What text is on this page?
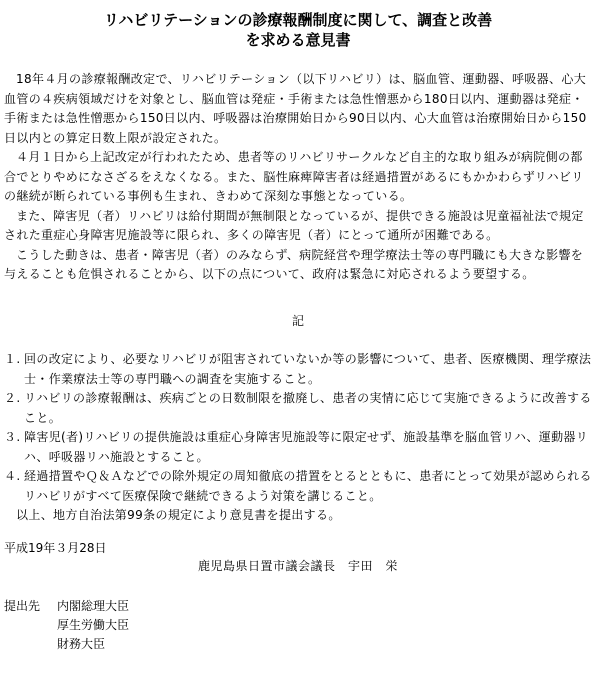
リハビリテーションの診療報酬制度に関して、調査と改善
を求める意見書

18年４月の診療報酬改定で、リハビリテーション（以下リハビリ）は、脳血管、運動器、呼吸器、心大血管の４疾病領域だけを対象とし、脳血管は発症・手術または急性憎悪から180日以内、運動器は発症・手術または急性憎悪から150日以内、呼吸器は治療開始日から90日以内、心大血管は治療開始日から150日以内との算定日数上限が設定された。

４月１日から上記改定が行われたため、患者等のリハビリサークルなど自主的な取り組みが病院側の都合でとりやめになさざるをえなくなる。また、脳性麻痺障害者は経過措置があるにもかかわらずリハビリの継続が断られている事例も生まれ、きわめて深刻な事態となっている。

また、障害児（者）リハビリは給付期間が無制限となっているが、提供できる施設は児童福祉法で規定された重症心身障害児施設等に限られ、多くの障害児（者）にとって通所が困難である。

こうした動きは、患者・障害児（者）のみならず、病院経営や理学療法士等の専門職にも大きな影響を与えることも危惧されることから、以下の点について、政府は緊急に対応されるよう要望する。

記
１. 回の改定により、必要なリハビリが阻害されていないか等の影響について、患者、医療機関、理学療法士・作業療法士等の専門職への調査を実施すること。
２. リハビリの診療報酬は、疾病ごとの日数制限を撤廃し、患者の実情に応じて実施できるように改善すること。
３. 障害児(者)リハビリの提供施設は重症心身障害児施設等に限定せず、施設基準を脳血管リハ、運動器リハ、呼吸器リハ施設とすること。
４. 経過措置やＱ＆Ａなどでの除外規定の周知徹底の措置をとるとともに、患者にとって効果が認められるリハビリがすべて医療保険で継続できるよう対策を講じること。

以上、地方自治法第99条の規定により意見書を提出する。

平成19年３月28日
鹿児島県日置市議会議長　宇田　栄
提出先	内閣総理大臣
厚生労働大臣
財務大臣
